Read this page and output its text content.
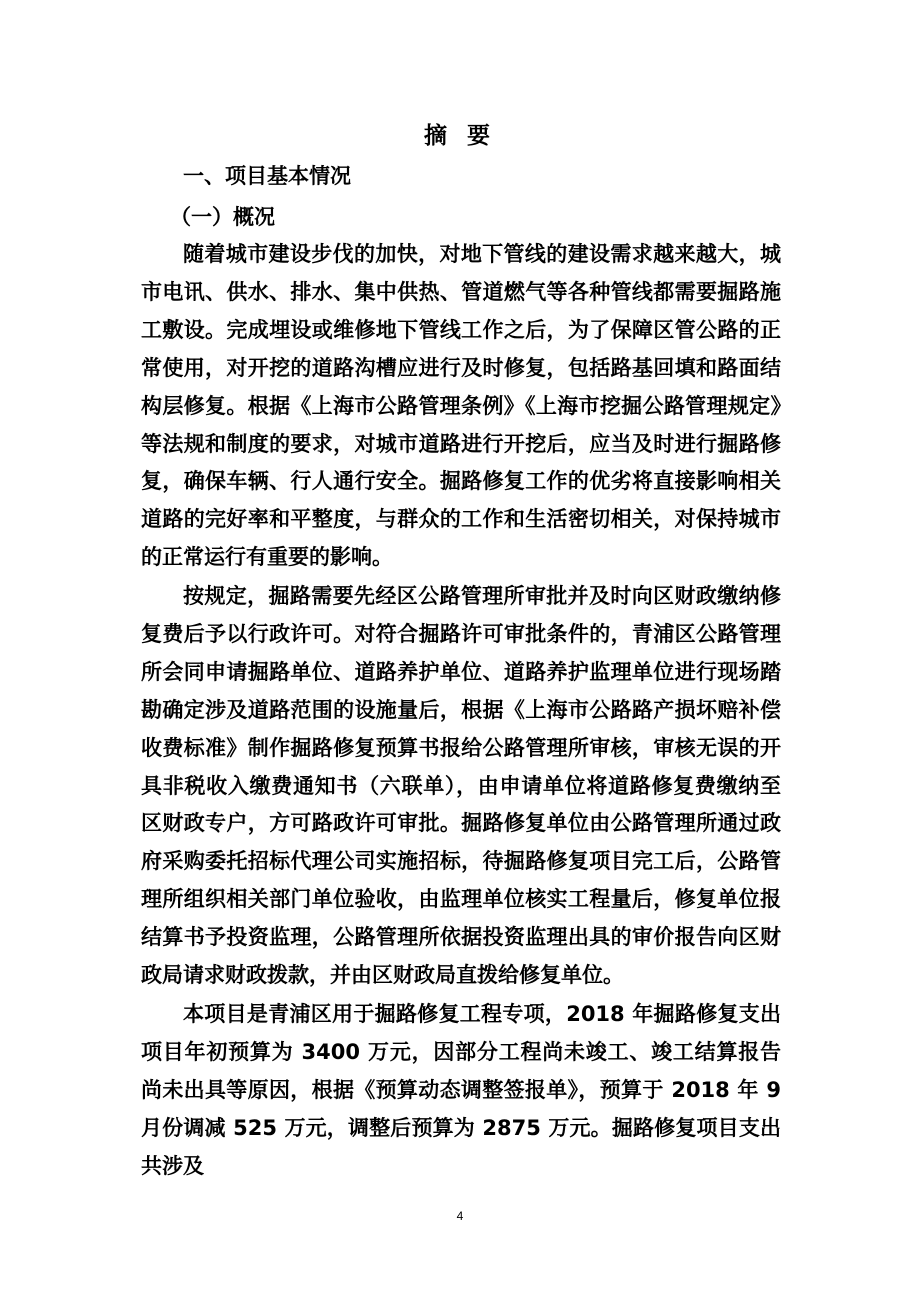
摘 要
一、项目基本情况
（一）概况

随着城市建设步伐的加快，对地下管线的建设需求越来越大，城市电讯、供水、排水、集中供热、管道燃气等各种管线都需要掘路施工敷设。完成埋设或维修地下管线工作之后，为了保障区管公路的正常使用，对开挖的道路沟槽应进行及时修复，包括路基回填和路面结构层修复。根据《上海市公路管理条例》《上海市挖掘公路管理规定》等法规和制度的要求，对城市道路进行开挖后，应当及时进行掘路修复，确保车辆、行人通行安全。掘路修复工作的优劣将直接影响相关道路的完好率和平整度，与群众的工作和生活密切相关，对保持城市的正常运行有重要的影响。

按规定，掘路需要先经区公路管理所审批并及时向区财政缴纳修复费后予以行政许可。对符合掘路许可审批条件的，青浦区公路管理所会同申请掘路单位、道路养护单位、道路养护监理单位进行现场踏勘确定涉及道路范围的设施量后，根据《上海市公路路产损坏赔补偿收费标准》制作掘路修复预算书报给公路管理所审核，审核无误的开具非税收入缴费通知书（六联单），由申请单位将道路修复费缴纳至区财政专户，方可路政许可审批。掘路修复单位由公路管理所通过政府采购委托招标代理公司实施招标，待掘路修复项目完工后，公路管理所组织相关部门单位验收，由监理单位核实工程量后，修复单位报结算书予投资监理，公路管理所依据投资监理出具的审价报告向区财政局请求财政拨款，并由区财政局直拨给修复单位。

本项目是青浦区用于掘路修复工程专项，2018 年掘路修复支出项目年初预算为 3400 万元，因部分工程尚未竣工、竣工结算报告尚未出具等原因，根据《预算动态调整签报单》，预算于 2018 年 9 月份调减 525 万元，调整后预算为 2875 万元。掘路修复项目支出共涉及

4
